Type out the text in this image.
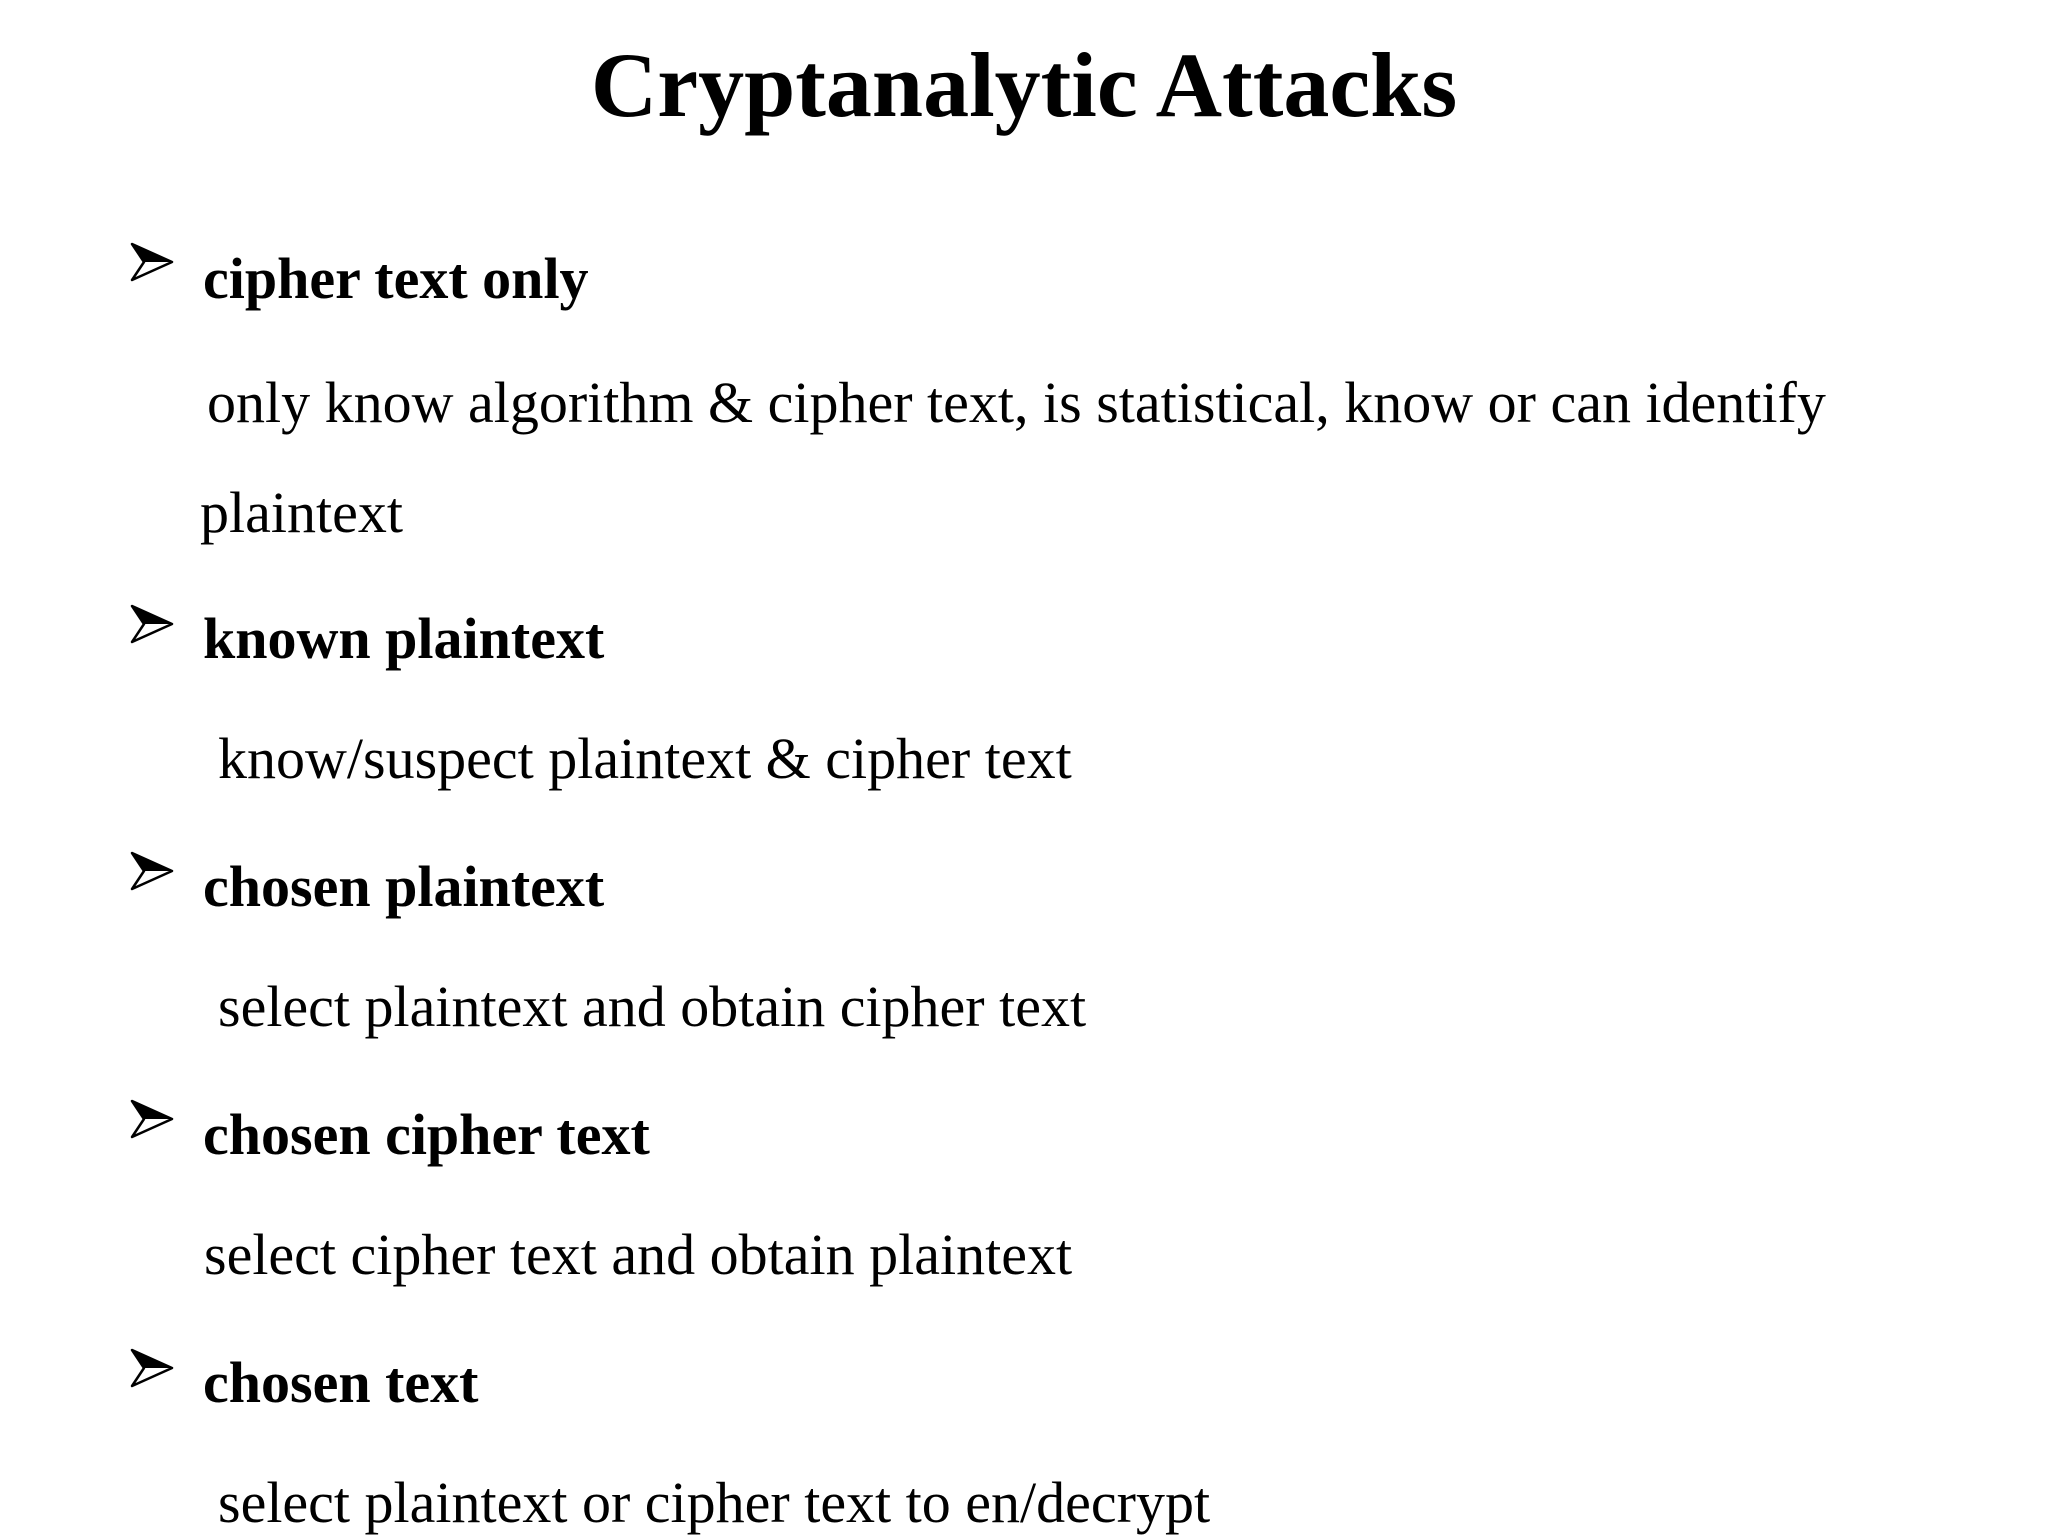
Cryptanalytic Attacks
cipher text only
only know algorithm & cipher text, is statistical, know or can identify
plaintext
known plaintext
know/suspect plaintext & cipher text
chosen plaintext
select plaintext and obtain cipher text
chosen cipher text
select cipher text and obtain plaintext
chosen text
select plaintext or cipher text to en/decrypt
